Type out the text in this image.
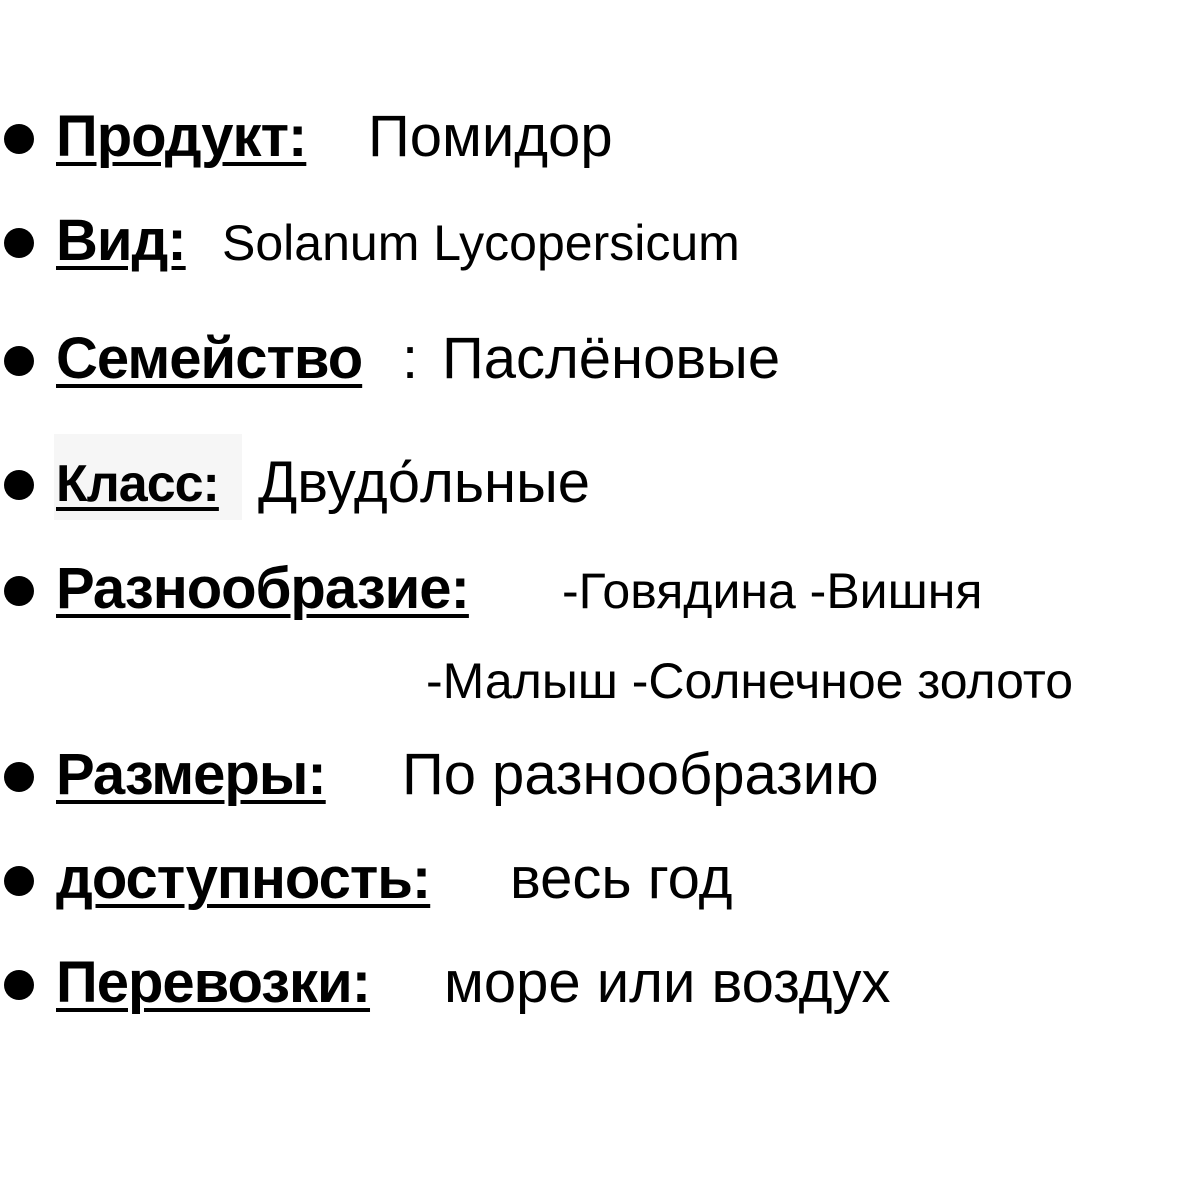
Продукт: Помидор
Вид: Solanum Lycopersicum
Семейство : Паслёновые
Класс: Двудо́льные
Разнообразие: -Говядина -Вишня
-Малыш -Солнечное золото
Размеры: По разнообразию
доступность: весь год
Перевозки: море или воздух
